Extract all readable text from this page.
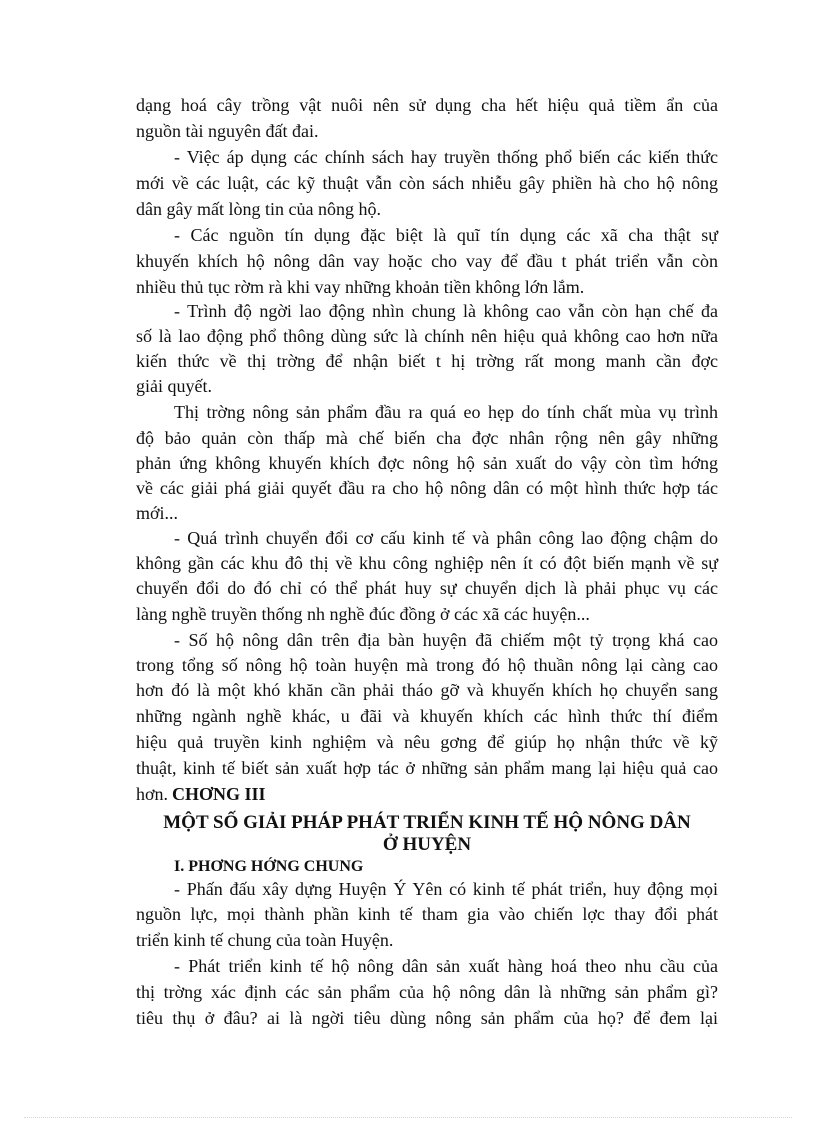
dạng hoá cây trồng vật nuôi nên sử dụng cha hết hiệu quả tiềm ẩn của
nguồn tài nguyên đất đai.
- Việc áp dụng các chính sách hay truyền thống phổ biến các kiến thức
mới về các luật, các kỹ thuật vẫn còn sách nhiễu gây phiền hà cho hộ nông
dân gây mất lòng tin của nông hộ.
- Các nguồn tín dụng đặc biệt là quĩ tín dụng các xã cha thật sự
khuyến khích hộ nông dân vay hoặc cho vay để đầu t phát triển vẫn còn
nhiều thủ tục rờm rà khi vay những khoản tiền không lớn lắm.
- Trình độ ngời lao động nhìn chung là không cao vẫn còn hạn chế đa
số là lao động phổ thông dùng sức là chính nên hiệu quả không cao hơn nữa
kiến thức về thị trờng để nhận biết t hị trờng rất mong manh cần đợc
giải quyết.
Thị trờng nông sản phẩm đầu ra quá eo hẹp do tính chất mùa vụ trình
độ bảo quản còn thấp mà chế biến cha đợc nhân rộng nên gây những
phản ứng không khuyến khích đợc nông hộ sản xuất do vậy còn tìm hớng
về các giải phá giải quyết đầu ra cho hộ nông dân có một hình thức hợp tác
mới...
- Quá trình chuyển đổi cơ cấu kinh tế và phân công lao động chậm do
không gần các khu đô thị về khu công nghiệp nên ít có đột biến mạnh về sự
chuyển đổi do đó chỉ có thể phát huy sự chuyển dịch là phải phục vụ các
làng nghề truyền thống nh nghề đúc đồng ở các xã các huyện...
- Số hộ nông dân trên địa bàn huyện đã chiếm một tỷ trọng khá cao
trong tổng số nông hộ toàn huyện mà trong đó hộ thuần nông lại càng cao
hơn đó là một khó khăn cần phải tháo gỡ và khuyến khích họ chuyển sang
những ngành nghề khác, u đãi và khuyến khích các hình thức thí điểm
hiệu quả truyền kinh nghiệm và nêu gơng để giúp họ nhận thức về kỹ
thuật, kinh tế biết sản xuất hợp tác ở những sản phẩm mang lại hiệu quả cao
hơn. CHƠNG III
MỘT SỐ GIẢI PHÁP PHÁT TRIỂN KINH TẾ HỘ NÔNG DÂN
Ở HUYỆN
I. PHƠNG HỚNG CHUNG
- Phấn đấu xây dựng Huyện Ý Yên có kinh tế phát triển, huy động mọi
nguồn lực, mọi thành phần kinh tế tham gia vào chiến lợc thay đổi phát
triển kinh tế chung của toàn Huyện.
- Phát triển kinh tế hộ nông dân sản xuất hàng hoá theo nhu cầu của
thị trờng xác định các sản phẩm của hộ nông dân là những sản phẩm gì?
tiêu thụ ở đâu? ai là ngời tiêu dùng nông sản phẩm của họ? để đem lại
